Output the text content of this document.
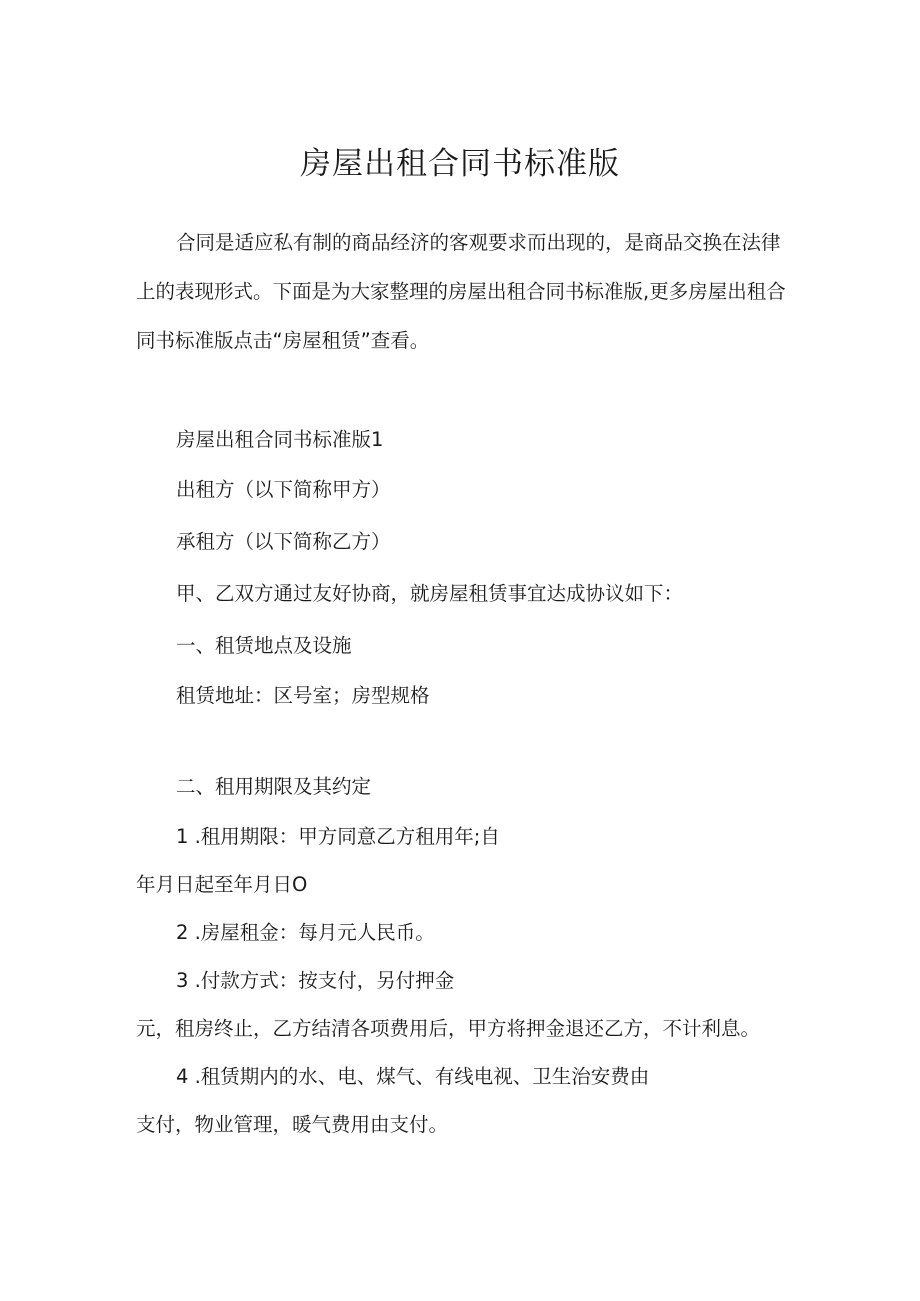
房屋出租合同书标准版

合同是适应私有制的商品经济的客观要求而出现的，是商品交换在法律上的表现形式。下面是为大家整理的房屋出租合同书标准版,更多房屋出租合同书标准版点击“房屋租赁”查看。

房屋出租合同书标准版1

出租方（以下简称甲方）

承租方（以下简称乙方）

甲、乙双方通过友好协商，就房屋租赁事宜达成协议如下：

一、租赁地点及设施

租赁地址：区号室；房型规格

二、租用期限及其约定

1 .租用期限：甲方同意乙方租用年;自

年月日起至年月日O

2 .房屋租金：每月元人民币。

3 .付款方式：按支付，另付押金

元，租房终止，乙方结清各项费用后，甲方将押金退还乙方，不计利息。

4 .租赁期内的水、电、煤气、有线电视、卫生治安费由

支付，物业管理，暖气费用由支付。
